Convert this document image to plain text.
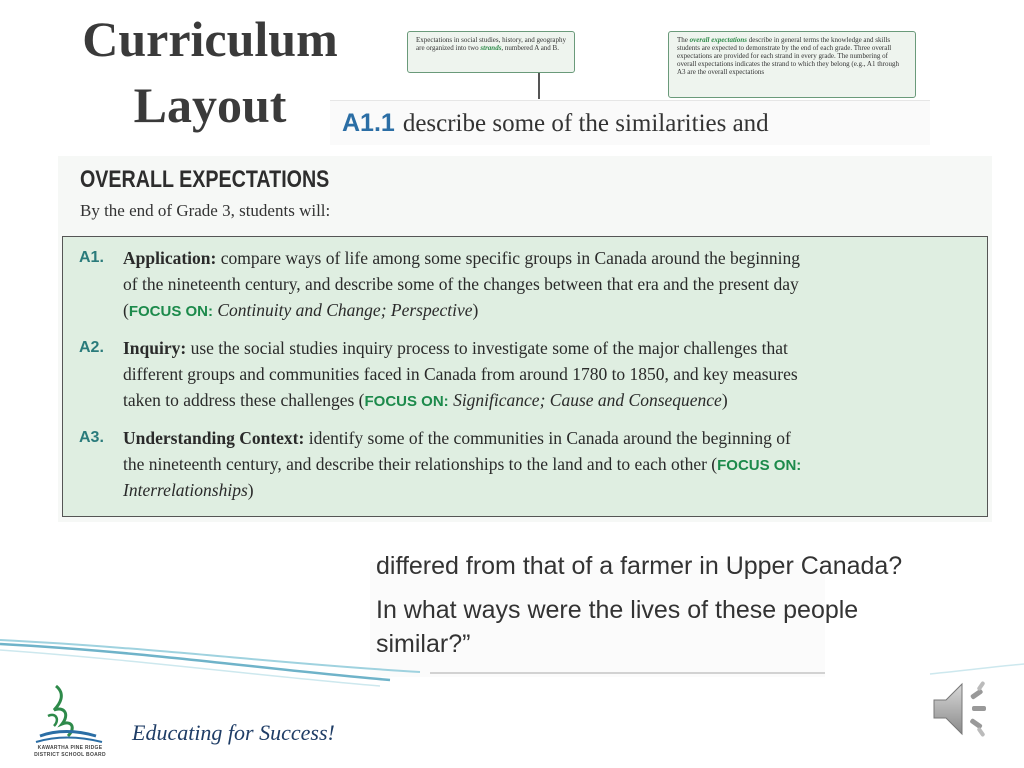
Curriculum
Layout
Expectations in social studies, history, and geography are organized into two strands, numbered A and B.
The overall expectations describe in general terms the knowledge and skills students are expected to demonstrate by the end of each grade. Three overall expectations are provided for each strand in every grade. The numbering of overall expectations indicates the strand to which they belong (e.g., A1 through A3 are the overall expectations
A1.1 describe some of the similarities and
OVERALL EXPECTATIONS
By the end of Grade 3, students will:
A1. Application: compare ways of life among some specific groups in Canada around the beginning
of the nineteenth century, and describe some of the changes between that era and the present day
(FOCUS ON: Continuity and Change; Perspective)
A2. Inquiry: use the social studies inquiry process to investigate some of the major challenges that
different groups and communities faced in Canada from around 1780 to 1850, and key measures
taken to address these challenges (FOCUS ON: Significance; Cause and Consequence)
A3. Understanding Context: identify some of the communities in Canada around the beginning of
the nineteenth century, and describe their relationships to the land and to each other (FOCUS ON:
Interrelationships)
differed from that of a farmer in Upper Canada?
In what ways were the lives of these people
similar?”
KAWARTHA PINE RIDGE
DISTRICT SCHOOL BOARD
Educating for Success!
